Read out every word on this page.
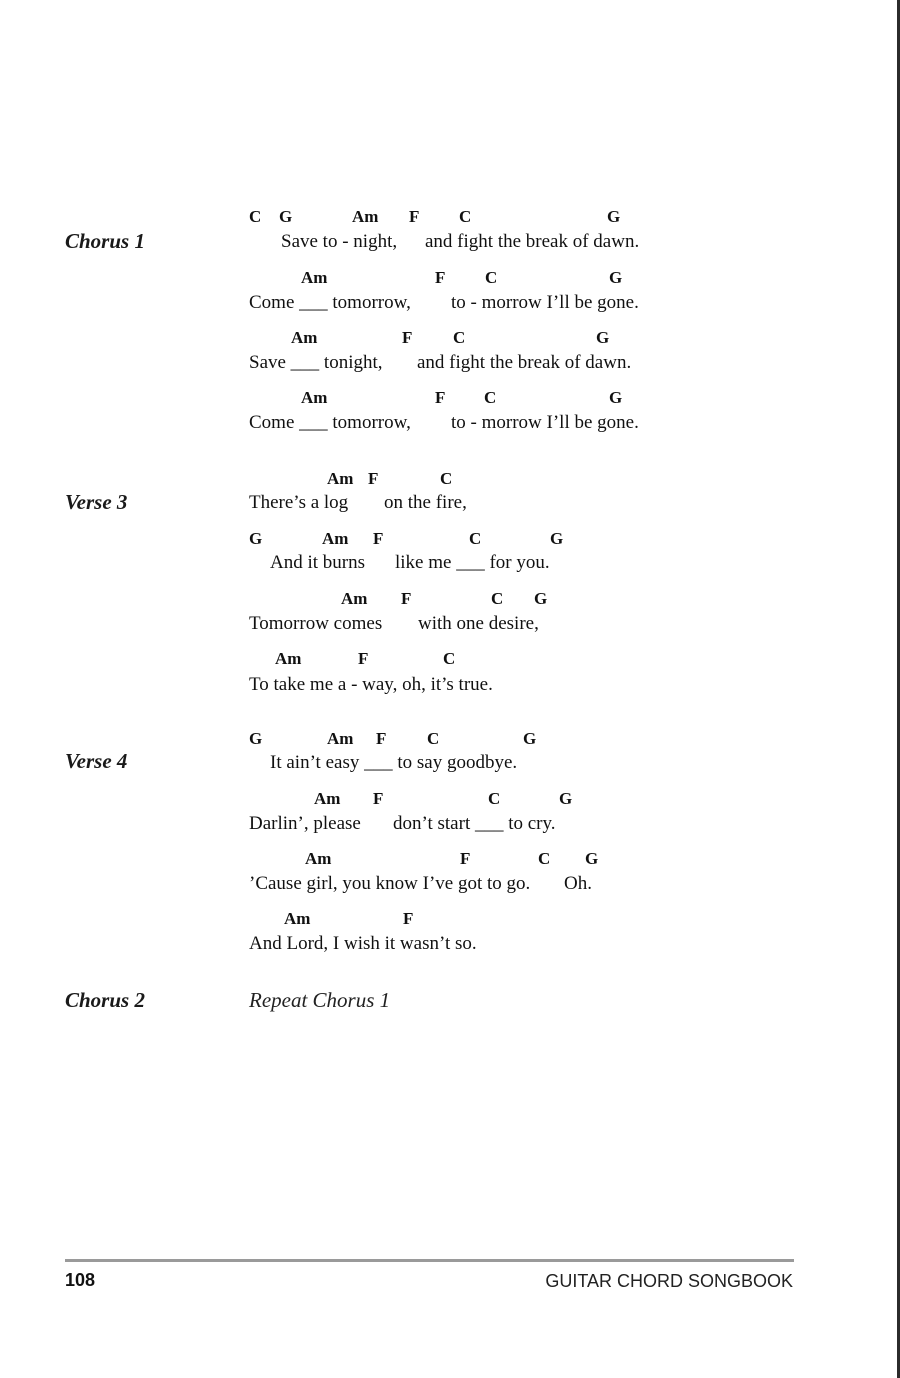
Chorus 1
C G	Am F C	G
Save to - night, and fight the break of dawn.
Am	F C	G
Come ___ tomorrow, to - morrow I’ll be gone.
Am	F C	G
Save ___ tonight, and fight the break of dawn.
Am	F C	G
Come ___ tomorrow, to - morrow I’ll be gone.
Verse 3
Am F	C
There’s a log on the fire,
G	Am F	C	G
And it burns like me ___ for you.
Am F	C G
Tomorrow comes with one desire,
Am	F	C
To take me a - way, oh, it’s true.
Verse 4
G	Am F C	G
It ain’t easy ___ to say goodbye.
Am F	C	G
Darlin’, please don’t start ___ to cry.
Am	F	C G
’Cause girl, you know I’ve got to go. Oh.
Am	F
And Lord, I wish it wasn’t so.
Chorus 2	Repeat Chorus 1
108	GUITAR CHORD SONGBOOK
